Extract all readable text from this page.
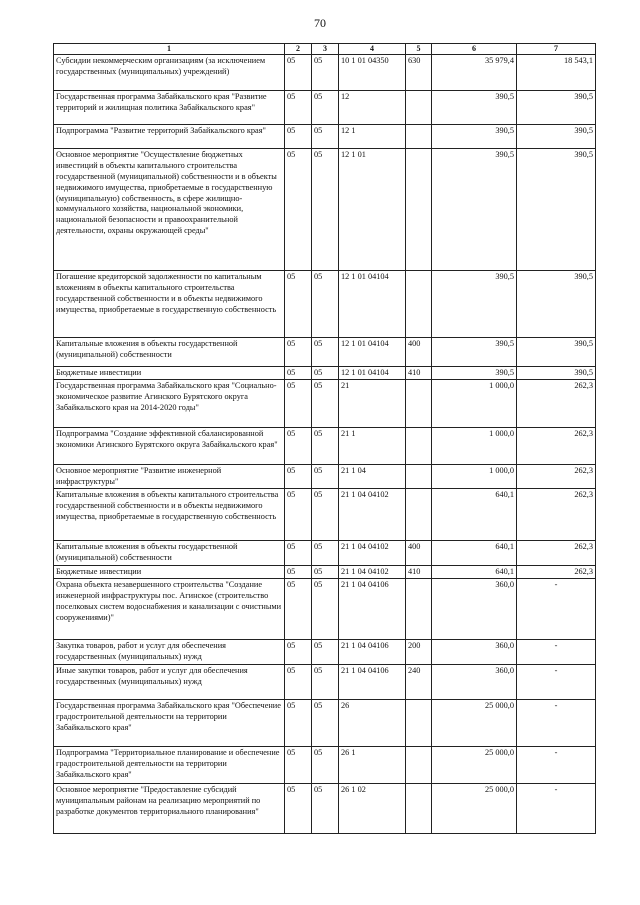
70
1	2	3	4	5	6	7
Субсидии некоммерческим организациям (за исключением государственных (муниципальных) учреждений)	05	05	10 1 01 04350	630	35 979,4	18 543,1
Государственная программа Забайкальского края "Развитие территорий и жилищная политика Забайкальского края"	05	05	12		390,5	390,5
Подпрограмма "Развитие территорий Забайкальского края"	05	05	12 1		390,5	390,5
Основное мероприятие "Осуществление бюджетных инвестиций в объекты капитального строительства государственной (муниципальной) собственности и в объекты недвижимого имущества, приобретаемые в государственную (муниципальную) собственность, в сфере жилищно-коммунального хозяйства, национальной экономики, национальной безопасности и правоохранительной деятельности, охраны окружающей среды"	05	05	12 1 01		390,5	390,5
Погашение кредиторской задолженности по капитальным вложениям в объекты капитального строительства государственной собственности и в объекты недвижимого имущества, приобретаемые в государственную собственность	05	05	12 1 01 04104		390,5	390,5
Капитальные вложения в объекты государственной (муниципальной) собственности	05	05	12 1 01 04104	400	390,5	390,5
Бюджетные инвестиции	05	05	12 1 01 04104	410	390,5	390,5
Государственная программа Забайкальского края "Социально-экономическое развитие Агинского Бурятского округа Забайкальского края на 2014-2020 годы"	05	05	21		1 000,0	262,3
Подпрограмма "Создание эффективной сбалансированной экономики Агинского Бурятского округа Забайкальского края"	05	05	21 1		1 000,0	262,3
Основное мероприятие "Развитие инженерной инфраструктуры"	05	05	21 1 04		1 000,0	262,3
Капитальные вложения в объекты капитального строительства государственной собственности и в объекты недвижимого имущества, приобретаемые в государственную собственность	05	05	21 1 04 04102		640,1	262,3
Капитальные вложения в объекты государственной (муниципальной) собственности	05	05	21 1 04 04102	400	640,1	262,3
Бюджетные инвестиции	05	05	21 1 04 04102	410	640,1	262,3
Охрана объекта незавершенного строительства "Создание инженерной инфраструктуры пос. Агинское (строительство поселковых систем водоснабжения и канализации с очистными сооружениями)"	05	05	21 1 04 04106		360,0	-
Закупка товаров, работ и услуг для обеспечения государственных (муниципальных) нужд	05	05	21 1 04 04106	200	360,0	-
Иные закупки товаров, работ и услуг для обеспечения государственных (муниципальных) нужд	05	05	21 1 04 04106	240	360,0	-
Государственная программа Забайкальского края "Обеспечение градостроительной деятельности на территории Забайкальского края"	05	05	26		25 000,0	-
Подпрограмма "Территориальное планирование и обеспечение градостроительной деятельности на территории Забайкальского края"	05	05	26 1		25 000,0	-
Основное мероприятие "Предоставление субсидий муниципальным районам на реализацию мероприятий по разработке документов территориального планирования"	05	05	26 1 02		25 000,0	-
